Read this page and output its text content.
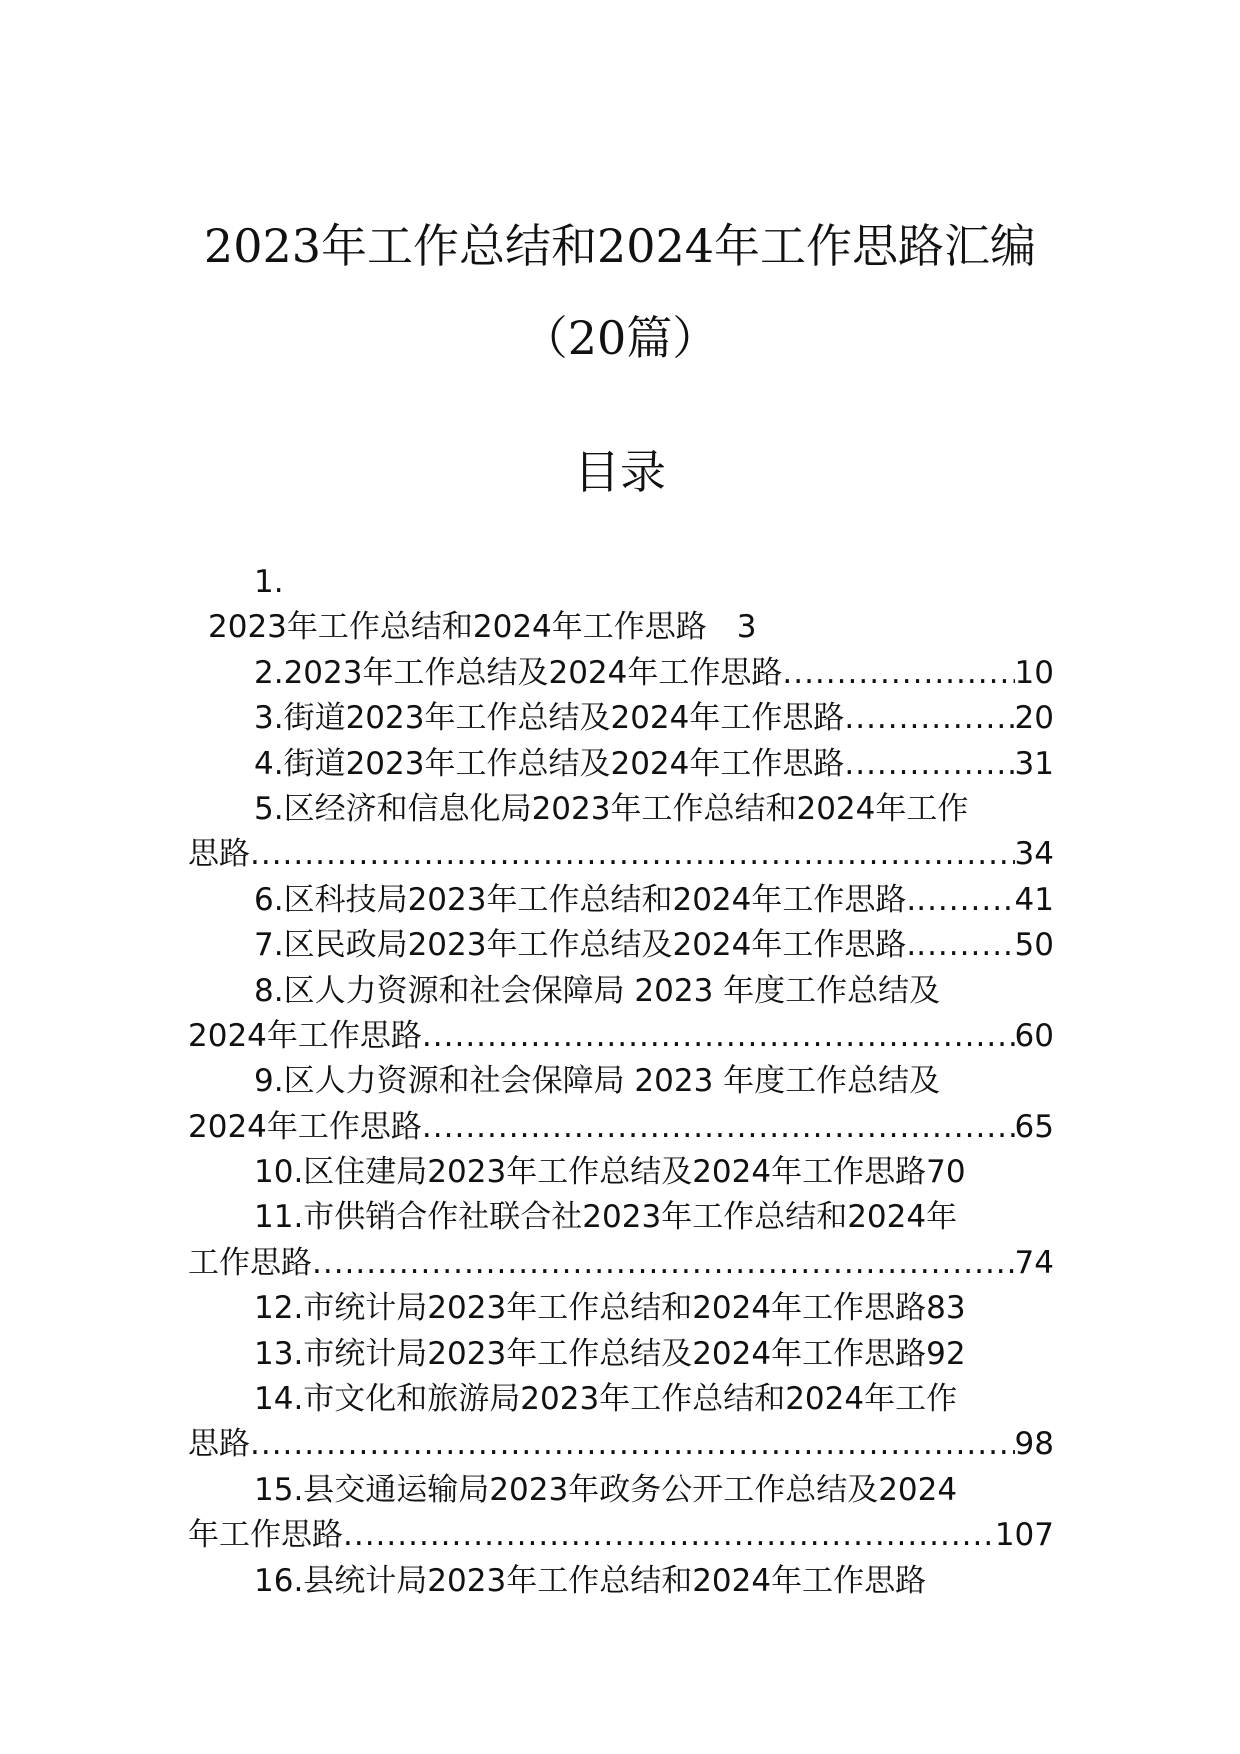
2023年工作总结和2024年工作思路汇编
（20篇）
目录
1.
2023年工作总结和2024年工作思路 3
2.2023年工作总结及2024年工作思路 .....	10
3.街道2023年工作总结及2024年工作思路 .....	20
4.街道2023年工作总结及2024年工作思路 .....	31
5.区经济和信息化局2023年工作总结和2024年工作
思路 .....	34
6.区科技局2023年工作总结和2024年工作思路. .....	41
7.区民政局2023年工作总结及2024年工作思路. .....	50
8.区人力资源和社会保障局 2023 年度工作总结及
2024年工作思路 .....	60
9.区人力资源和社会保障局 2023 年度工作总结及
2024年工作思路 .....	65
10.区住建局2023年工作总结及2024年工作思路 70
11.市供销合作社联合社2023年工作总结和2024年
工作思路 .....	74
12.市统计局2023年工作总结和2024年工作思路 83
13.市统计局2023年工作总结及2024年工作思路 92
14.市文化和旅游局2023年工作总结和2024年工作
思路 .....	98
15.县交通运输局2023年政务公开工作总结及2024
年工作思路 .....	107
16.县统计局2023年工作总结和2024年工作思路
